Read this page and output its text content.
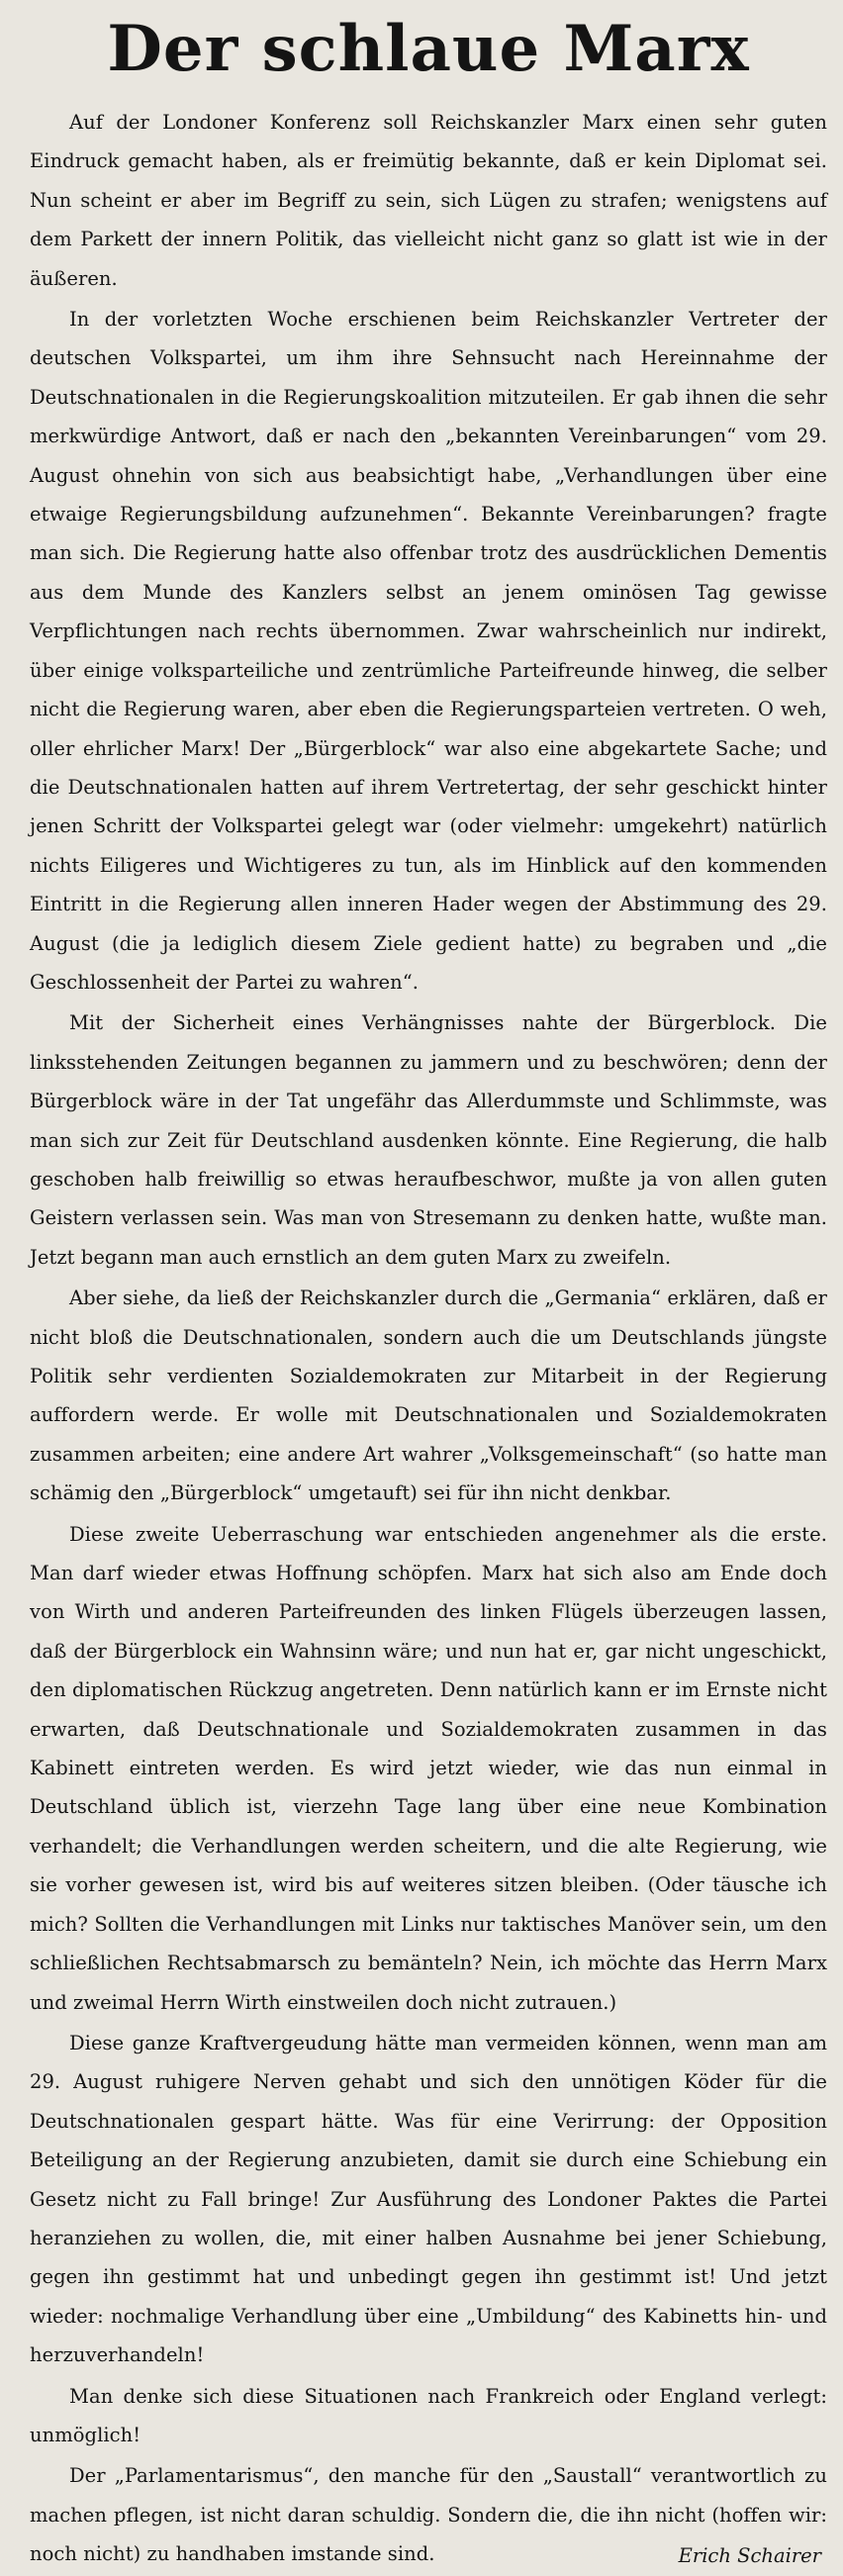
Der schlaue Marx

Auf der Londoner Konferenz soll Reichskanzler Marx einen sehr guten Eindruck gemacht haben, als er freimütig bekannte, daß er kein Diplomat sei. Nun scheint er aber im Begriff zu sein, sich Lügen zu strafen; wenigstens auf dem Parkett der innern Politik, das vielleicht nicht ganz so glatt ist wie in der äußeren.

In der vorletzten Woche erschienen beim Reichskanzler Vertreter der deutschen Volkspartei, um ihm ihre Sehnsucht nach Hereinnahme der Deutschnationalen in die Regierungskoalition mitzuteilen. Er gab ihnen die sehr merkwürdige Antwort, daß er nach den „bekannten Vereinbarungen“ vom 29. August ohnehin von sich aus beabsichtigt habe, „Verhandlungen über eine etwaige Regierungsbildung aufzunehmen“. Bekannte Vereinbarungen? fragte man sich. Die Regierung hatte also offenbar trotz des ausdrücklichen Dementis aus dem Munde des Kanzlers selbst an jenem ominösen Tag gewisse Verpflichtungen nach rechts übernommen. Zwar wahrscheinlich nur indirekt, über einige volksparteiliche und zentrümliche Parteifreunde hinweg, die selber nicht die Regierung waren, aber eben die Regierungsparteien vertreten. O weh, oller ehrlicher Marx! Der „Bürgerblock“ war also eine abgekartete Sache; und die Deutschnationalen hatten auf ihrem Vertretertag, der sehr geschickt hinter jenen Schritt der Volkspartei gelegt war (oder vielmehr: umgekehrt) natürlich nichts Eiligeres und Wichtigeres zu tun, als im Hinblick auf den kommenden Eintritt in die Regierung allen inneren Hader wegen der Abstimmung des 29. August (die ja lediglich diesem Ziele gedient hatte) zu begraben und „die Geschlossenheit der Partei zu wahren“.

Mit der Sicherheit eines Verhängnisses nahte der Bürgerblock. Die linksstehenden Zeitungen begannen zu jammern und zu beschwören; denn der Bürgerblock wäre in der Tat ungefähr das Allerdummste und Schlimmste, was man sich zur Zeit für Deutschland ausdenken könnte. Eine Regierung, die halb geschoben halb freiwillig so etwas heraufbeschwor, mußte ja von allen guten Geistern verlassen sein. Was man von Stresemann zu denken hatte, wußte man. Jetzt begann man auch ernstlich an dem guten Marx zu zweifeln.

Aber siehe, da ließ der Reichskanzler durch die „Germania“ erklären, daß er nicht bloß die Deutschnationalen, sondern auch die um Deutschlands jüngste Politik sehr verdienten Sozialdemokraten zur Mitarbeit in der Regierung auffordern werde. Er wolle mit Deutschnationalen und Sozialdemokraten zusammen arbeiten; eine andere Art wahrer „Volksgemeinschaft“ (so hatte man schämig den „Bürgerblock“ umgetauft) sei für ihn nicht denkbar.

Diese zweite Ueberraschung war entschieden angenehmer als die erste. Man darf wieder etwas Hoffnung schöpfen. Marx hat sich also am Ende doch von Wirth und anderen Parteifreunden des linken Flügels überzeugen lassen, daß der Bürgerblock ein Wahnsinn wäre; und nun hat er, gar nicht ungeschickt, den diplomatischen Rückzug angetreten. Denn natürlich kann er im Ernste nicht erwarten, daß Deutschnationale und Sozialdemokraten zusammen in das Kabinett eintreten werden. Es wird jetzt wieder, wie das nun einmal in Deutschland üblich ist, vierzehn Tage lang über eine neue Kombination verhandelt; die Verhandlungen werden scheitern, und die alte Regierung, wie sie vorher gewesen ist, wird bis auf weiteres sitzen bleiben. (Oder täusche ich mich? Sollten die Verhandlungen mit Links nur taktisches Manöver sein, um den schließlichen Rechtsabmarsch zu bemänteln? Nein, ich möchte das Herrn Marx und zweimal Herrn Wirth einstweilen doch nicht zutrauen.)

Diese ganze Kraftvergeudung hätte man vermeiden können, wenn man am 29. August ruhigere Nerven gehabt und sich den unnötigen Köder für die Deutschnationalen gespart hätte. Was für eine Verirrung: der Opposition Beteiligung an der Regierung anzubieten, damit sie durch eine Schiebung ein Gesetz nicht zu Fall bringe! Zur Ausführung des Londoner Paktes die Partei heranziehen zu wollen, die, mit einer halben Ausnahme bei jener Schiebung, gegen ihn gestimmt hat und unbedingt gegen ihn gestimmt ist! Und jetzt wieder: nochmalige Verhandlung über eine „Umbildung“ des Kabinetts hin- und herzuverhandeln!

Man denke sich diese Situationen nach Frankreich oder England verlegt: unmöglich!

Der „Parlamentarismus“, den manche für den „Saustall“ verantwortlich zu machen pflegen, ist nicht daran schuldig. Sondern die, die ihn nicht (hoffen wir: noch nicht) zu handhaben imstande sind.	Erich Schairer
